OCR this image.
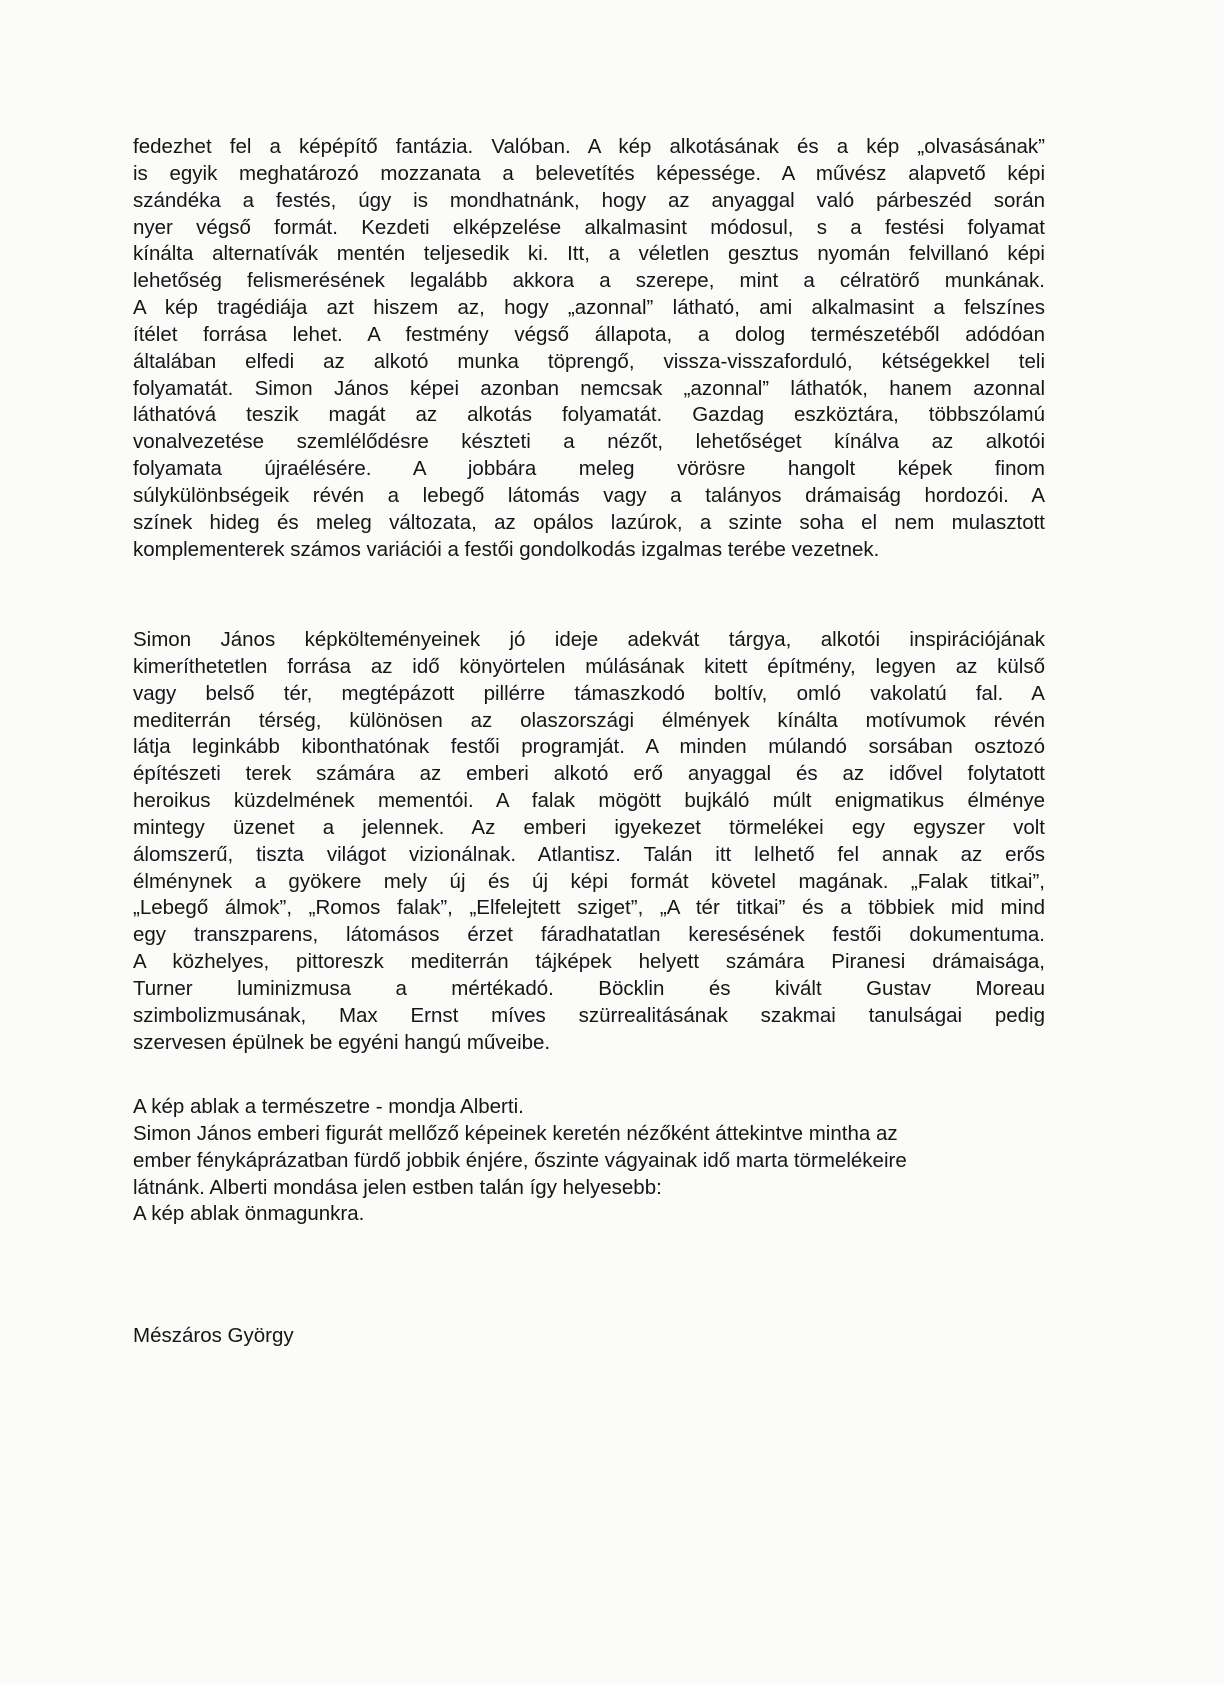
fedezhet fel a képépítő fantázia. Valóban. A kép alkotásának és a kép „olvasásának”
is egyik meghatározó mozzanata a belevetítés képessége. A művész alapvető képi
szándéka a festés, úgy is mondhatnánk, hogy az anyaggal való párbeszéd során
nyer végső formát. Kezdeti elképzelése alkalmasint módosul, s a festési folyamat
kínálta alternatívák mentén teljesedik ki. Itt, a véletlen gesztus nyomán felvillanó képi
lehetőség felismerésének legalább akkora a szerepe, mint a célratörő munkának.
A kép tragédiája azt hiszem az, hogy „azonnal” látható, ami alkalmasint a felszínes
ítélet forrása lehet. A festmény végső állapota, a dolog természetéből adódóan
általában elfedi az alkotó munka töprengő, vissza-visszaforduló, kétségekkel teli
folyamatát. Simon János képei azonban nemcsak „azonnal” láthatók, hanem azonnal
láthatóvá teszik magát az alkotás folyamatát. Gazdag eszköztára, többszólamú
vonalvezetése szemlélődésre készteti a nézőt, lehetőséget kínálva az alkotói
folyamata újraélésére. A jobbára meleg vörösre hangolt képek finom
súlykülönbségeik révén a lebegő látomás vagy a talányos drámaiság hordozói. A
színek hideg és meleg változata, az opálos lazúrok, a szinte soha el nem mulasztott
komplementerek számos variációi a festői gondolkodás izgalmas terébe vezetnek.
Simon János képkölteményeinek jó ideje adekvát tárgya, alkotói inspirációjának
kimeríthetetlen forrása az idő könyörtelen múlásának kitett építmény, legyen az külső
vagy belső tér, megtépázott pillérre támaszkodó boltív, omló vakolatú fal. A
mediterrán térség, különösen az olaszországi élmények kínálta motívumok révén
látja leginkább kibonthatónak festői programját. A minden múlandó sorsában osztozó
építészeti terek számára az emberi alkotó erő anyaggal és az idővel folytatott
heroikus küzdelmének mementói. A falak mögött bujkáló múlt enigmatikus élménye
mintegy üzenet a jelennek. Az emberi igyekezet törmelékei egy egyszer volt
álomszerű, tiszta világot vizionálnak. Atlantisz. Talán itt lelhető fel annak az erős
élménynek a gyökere mely új és új képi formát követel magának. „Falak titkai”,
„Lebegő álmok”, „Romos falak”, „Elfelejtett sziget”, „A tér titkai” és a többiek mid mind
egy transzparens, látomásos érzet fáradhatatlan keresésének festői dokumentuma.
A közhelyes, pittoreszk mediterrán tájképek helyett számára Piranesi drámaisága,
Turner luminizmusa a mértékadó. Böcklin és kivált Gustav Moreau
szimbolizmusának, Max Ernst míves szürrealitásának szakmai tanulságai pedig
szervesen épülnek be egyéni hangú műveibe.
A kép ablak a természetre - mondja Alberti.
Simon János emberi figurát mellőző képeinek keretén nézőként áttekintve mintha az
ember fénykáprázatban fürdő jobbik énjére, őszinte vágyainak idő marta törmelékeire
látnánk. Alberti mondása jelen estben talán így helyesebb:
A kép ablak önmagunkra.

Mészáros György
